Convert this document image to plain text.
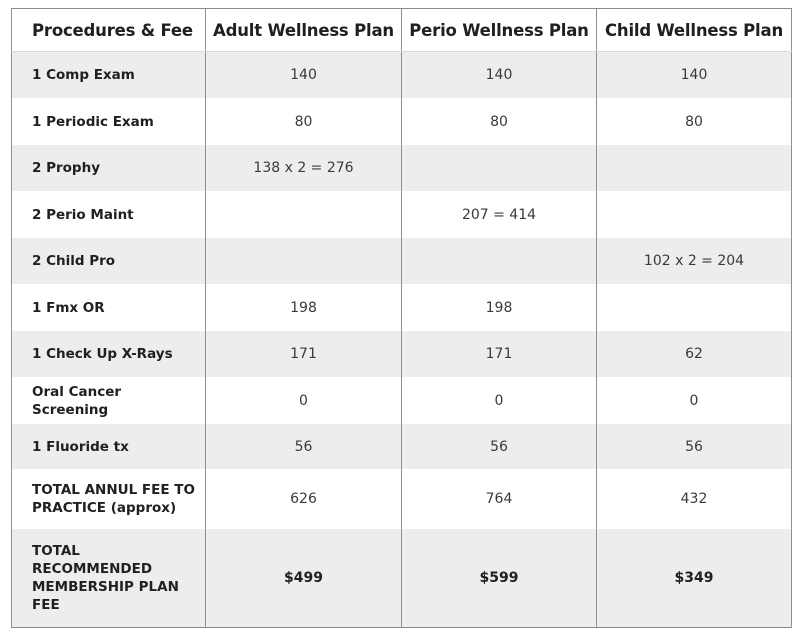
Procedures & Fee	Adult Wellness Plan	Perio Wellness Plan	Child Wellness Plan
1 Comp Exam	140	140	140
1 Periodic Exam	80	80	80
2 Prophy	138 x 2 = 276		
2 Perio Maint		207 = 414	
2 Child Pro			102 x 2 = 204
1 Fmx OR	198	198	
1 Check Up X-Rays	171	171	62
Oral Cancer Screening	0	0	0
1 Fluoride tx	56	56	56
TOTAL ANNUL FEE TO PRACTICE (approx)	626	764	432
TOTAL RECOMMENDED MEMBERSHIP PLAN FEE	$499	$599	$349
